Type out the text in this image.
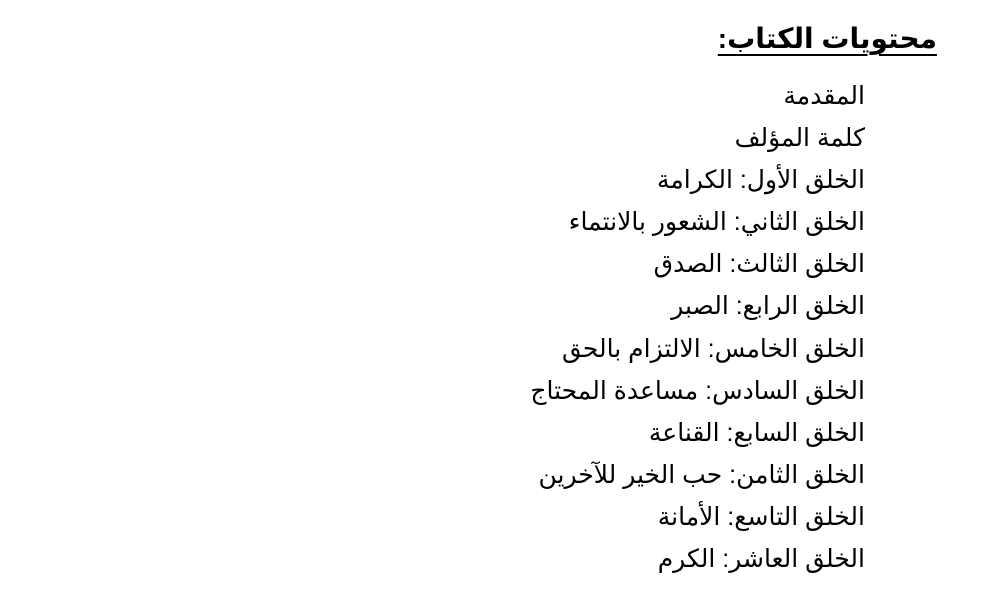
محتويات الكتاب:
المقدمة
كلمة المؤلف
الخلق الأول: الكرامة
الخلق الثاني: الشعور بالانتماء
الخلق الثالث: الصدق
الخلق الرابع: الصبر
الخلق الخامس: الالتزام بالحق
الخلق السادس: مساعدة المحتاج
الخلق السابع: القناعة
الخلق الثامن: حب الخير للآخرين
الخلق التاسع: الأمانة
الخلق العاشر: الكرم
